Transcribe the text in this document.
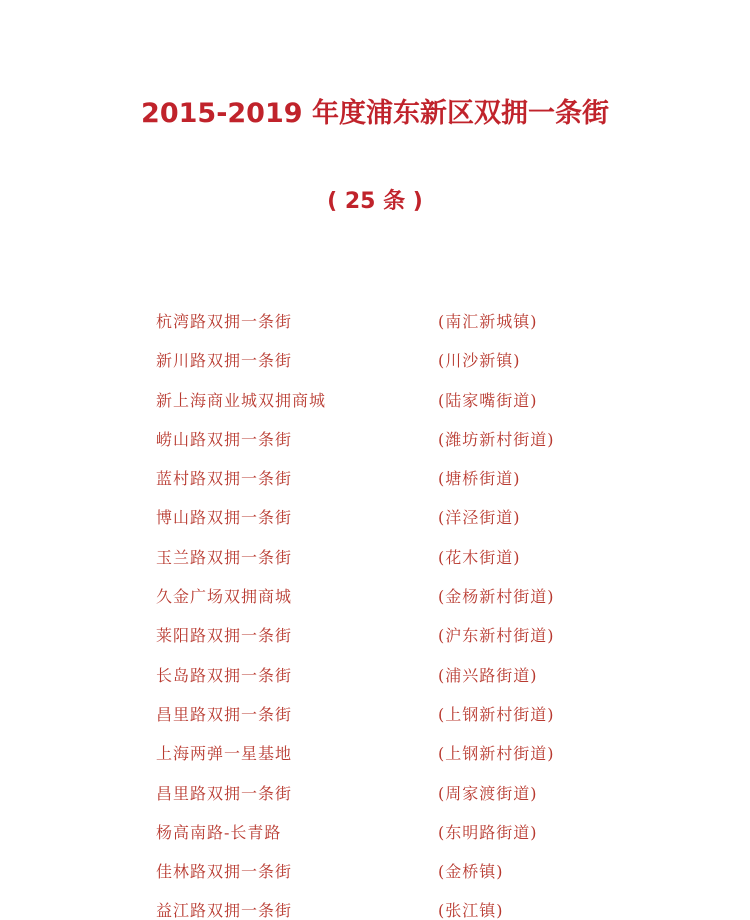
2015-2019 年度浦东新区双拥一条街
( 25 条 )
杭湾路双拥一条街	(南汇新城镇)
新川路双拥一条街	(川沙新镇)
新上海商业城双拥商城	(陆家嘴街道)
崂山路双拥一条街	(潍坊新村街道)
蓝村路双拥一条街	(塘桥街道)
博山路双拥一条街	(洋泾街道)
玉兰路双拥一条街	(花木街道)
久金广场双拥商城	(金杨新村街道)
莱阳路双拥一条街	(沪东新村街道)
长岛路双拥一条街	(浦兴路街道)
昌里路双拥一条街	(上钢新村街道)
上海两弹一星基地	(上钢新村街道)
昌里路双拥一条街	(周家渡街道)
杨高南路-长青路	(东明路街道)
佳林路双拥一条街	(金桥镇)
益江路双拥一条街	(张江镇)
